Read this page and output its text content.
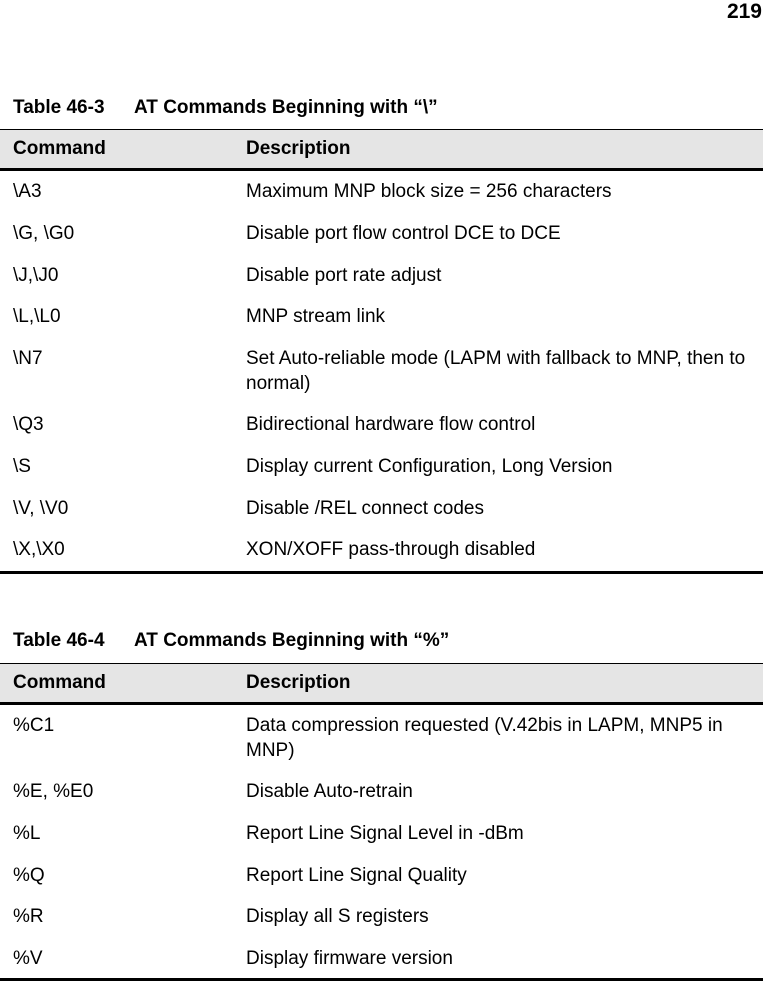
219
Table 46-3 AT Commands Beginning with “\”
Command	Description
\A3	Maximum MNP block size = 256 characters
\G, \G0	Disable port flow control DCE to DCE
\J,\J0	Disable port rate adjust
\L,\L0	MNP stream link
\N7	Set Auto-reliable mode (LAPM with fallback to MNP, then to normal)
\Q3	Bidirectional hardware flow control
\S	Display current Configuration, Long Version
\V, \V0	Disable /REL connect codes
\X,\X0	XON/XOFF pass-through disabled
Table 46-4 AT Commands Beginning with “%”
Command	Description
%C1	Data compression requested (V.42bis in LAPM, MNP5 in MNP)
%E, %E0	Disable Auto-retrain
%L	Report Line Signal Level in -dBm
%Q	Report Line Signal Quality
%R	Display all S registers
%V	Display firmware version
